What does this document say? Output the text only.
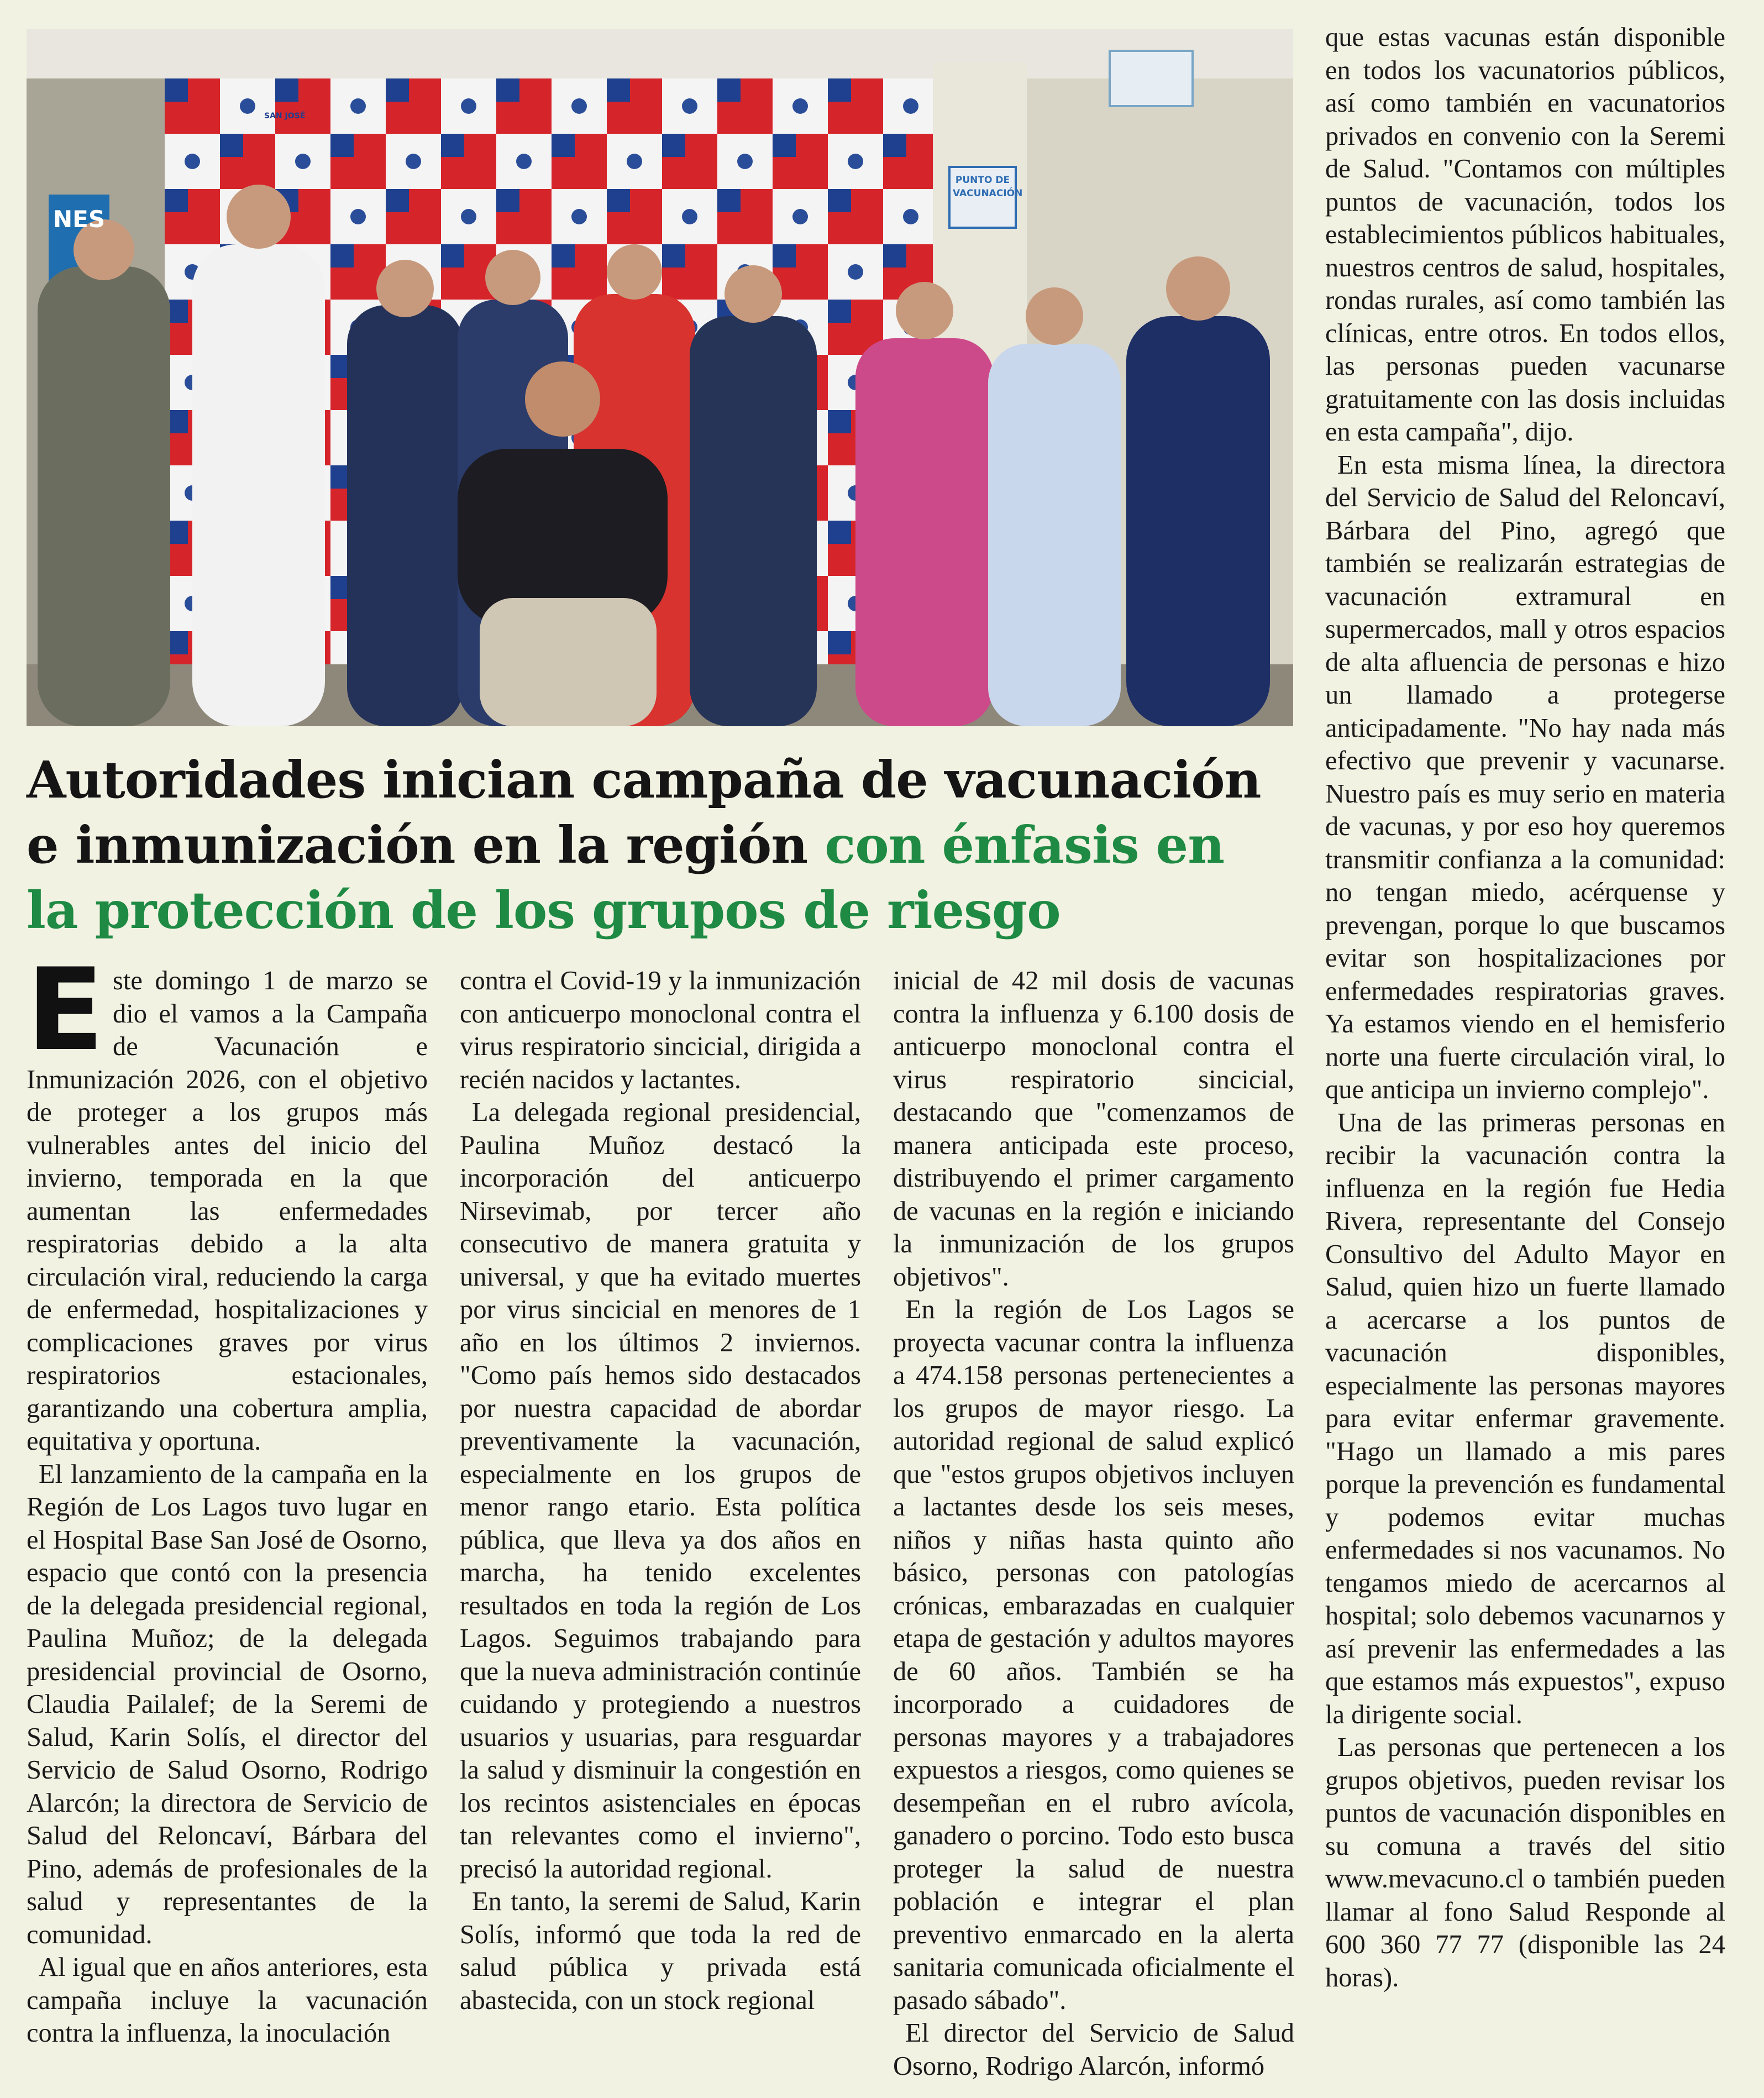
NES
PUNTO DE VACUNACIÓN
SAN JOSÉ
Autoridades inician campaña de vacunación e inmunización en la región con énfasis en la protección de los grupos de riesgo
E ste domingo 1 de marzo se dio el vamos a la Campaña de Vacunación e Inmunización 2026, con el objetivo de proteger a los grupos más vulnerables antes del inicio del invierno, temporada en la que aumentan las enfermedades respiratorias debido a la alta circulación viral, reduciendo la carga de enfermedad, hospitalizaciones y complicaciones graves por virus respiratorios estacionales, garantizando una cobertura amplia, equitativa y oportuna.

El lanzamiento de la campaña en la Región de Los Lagos tuvo lugar en el Hospital Base San José de Osorno, espacio que contó con la presencia de la delegada presidencial regional, Paulina Muñoz; de la delegada presidencial provincial de Osorno, Claudia Pailalef; de la Seremi de Salud, Karin Solís, el director del Servicio de Salud Osorno, Rodrigo Alarcón; la directora de Servicio de Salud del Reloncaví, Bárbara del Pino, además de profesionales de la salud y representantes de la comunidad.

Al igual que en años anteriores, esta campaña incluye la vacunación contra la influenza, la inoculación

contra el Covid-19 y la inmunización con anticuerpo monoclonal contra el virus respiratorio sincicial, dirigida a recién nacidos y lactantes.

La delegada regional presidencial, Paulina Muñoz destacó la incorporación del anticuerpo Nirsevimab, por tercer año consecutivo de manera gratuita y universal, y que ha evitado muertes por virus sincicial en menores de 1 año en los últimos 2 inviernos. "Como país hemos sido destacados por nuestra capacidad de abordar preventivamente la vacunación, especialmente en los grupos de menor rango etario. Esta política pública, que lleva ya dos años en marcha, ha tenido excelentes resultados en toda la región de Los Lagos. Seguimos trabajando para que la nueva administración continúe cuidando y protegiendo a nuestros usuarios y usuarias, para resguardar la salud y disminuir la congestión en los recintos asistenciales en épocas tan relevantes como el invierno", precisó la autoridad regional.

En tanto, la seremi de Salud, Karin Solís, informó que toda la red de salud pública y privada está abastecida, con un stock regional

inicial de 42 mil dosis de vacunas contra la influenza y 6.100 dosis de anticuerpo monoclonal contra el virus respiratorio sincicial, destacando que "comenzamos de manera anticipada este proceso, distribuyendo el primer cargamento de vacunas en la región e iniciando la inmunización de los grupos objetivos".

En la región de Los Lagos se proyecta vacunar contra la influenza a 474.158 personas pertenecientes a los grupos de mayor riesgo. La autoridad regional de salud explicó que "estos grupos objetivos incluyen a lactantes desde los seis meses, niños y niñas hasta quinto año básico, personas con patologías crónicas, embarazadas en cualquier etapa de gestación y adultos mayores de 60 años. También se ha incorporado a cuidadores de personas mayores y a trabajadores expuestos a riesgos, como quienes se desempeñan en el rubro avícola, ganadero o porcino. Todo esto busca proteger la salud de nuestra población e integrar el plan preventivo enmarcado en la alerta sanitaria comunicada oficialmente el pasado sábado".

El director del Servicio de Salud Osorno, Rodrigo Alarcón, informó

que estas vacunas están disponible en todos los vacunatorios públicos, así como también en vacunatorios privados en convenio con la Seremi de Salud. "Contamos con múltiples puntos de vacunación, todos los establecimientos públicos habituales, nuestros centros de salud, hospitales, rondas rurales, así como también las clínicas, entre otros. En todos ellos, las personas pueden vacunarse gratuitamente con las dosis incluidas en esta campaña", dijo.

En esta misma línea, la directora del Servicio de Salud del Reloncaví, Bárbara del Pino, agregó que también se realizarán estrategias de vacunación extramural en supermercados, mall y otros espacios de alta afluencia de personas e hizo un llamado a protegerse anticipadamente. "No hay nada más efectivo que prevenir y vacunarse. Nuestro país es muy serio en materia de vacunas, y por eso hoy queremos transmitir confianza a la comunidad: no tengan miedo, acérquense y prevengan, porque lo que buscamos evitar son hospitalizaciones por enfermedades respiratorias graves. Ya estamos viendo en el hemisferio norte una fuerte circulación viral, lo que anticipa un invierno complejo".

Una de las primeras personas en recibir la vacunación contra la influenza en la región fue Hedia Rivera, representante del Consejo Consultivo del Adulto Mayor en Salud, quien hizo un fuerte llamado a acercarse a los puntos de vacunación disponibles, especialmente las personas mayores para evitar enfermar gravemente. "Hago un llamado a mis pares porque la prevención es fundamental y podemos evitar muchas enfermedades si nos vacunamos. No tengamos miedo de acercarnos al hospital; solo debemos vacunarnos y así prevenir las enfermedades a las que estamos más expuestos", expuso la dirigente social.

Las personas que pertenecen a los grupos objetivos, pueden revisar los puntos de vacunación disponibles en su comuna a través del sitio www.mevacuno.cl o también pueden llamar al fono Salud Responde al 600 360 77 77 (disponible las 24 horas).
